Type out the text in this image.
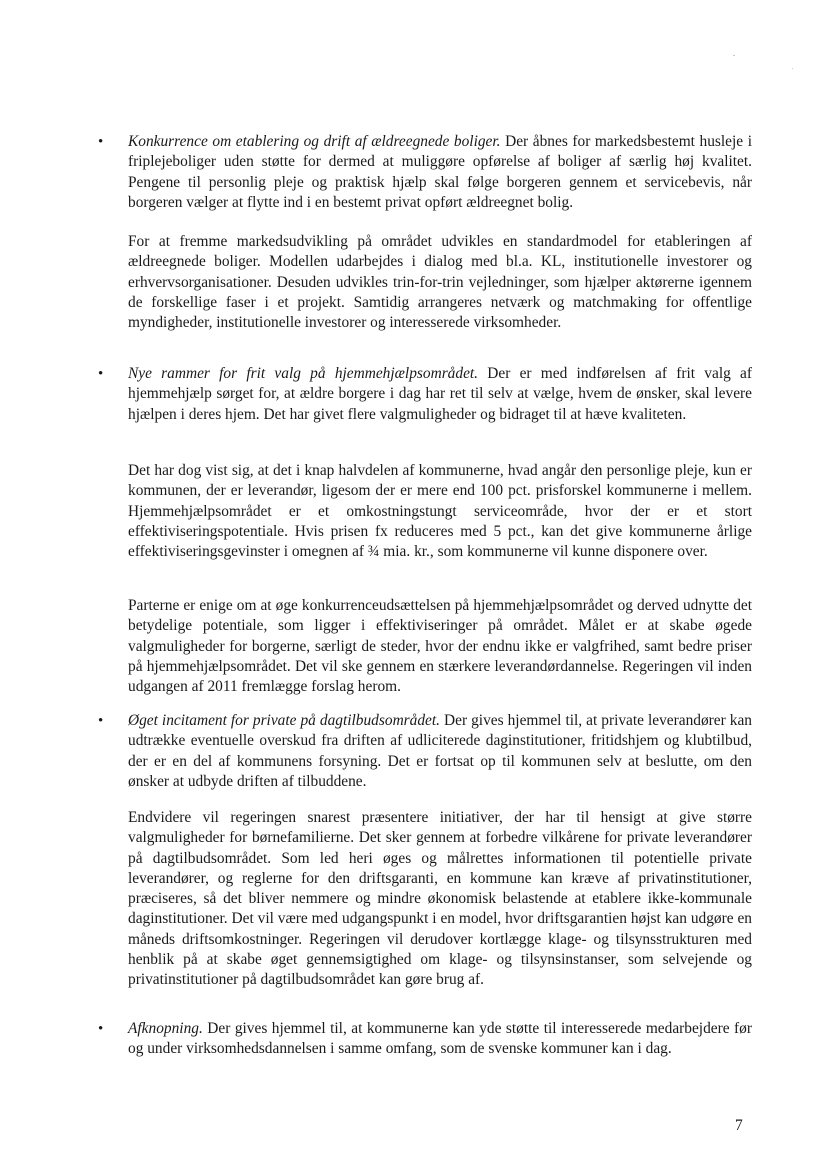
• Konkurrence om etablering og drift af ældreegnede boliger. Der åbnes for markedsbestemt husleje i friplejeboliger uden støtte for dermed at muliggøre opførelse af boliger af særlig høj kvalitet. Pengene til personlig pleje og praktisk hjælp skal følge borgeren gennem et servicebevis, når borgeren vælger at flytte ind i en bestemt privat opført ældreegnet bolig.

For at fremme markedsudvikling på området udvikles en standardmodel for etableringen af ældreegnede boliger. Modellen udarbejdes i dialog med bl.a. KL, institutionelle investorer og erhvervsorganisationer. Desuden udvikles trin-for-trin vejledninger, som hjælper aktørerne igennem de forskellige faser i et projekt. Samtidig arrangeres netværk og matchmaking for offentlige myndigheder, institutionelle investorer og interesserede virksomheder.

• Nye rammer for frit valg på hjemmehjælpsområdet. Der er med indførelsen af frit valg af hjemmehjælp sørget for, at ældre borgere i dag har ret til selv at vælge, hvem de ønsker, skal levere hjælpen i deres hjem. Det har givet flere valgmuligheder og bidraget til at hæve kvaliteten.

Det har dog vist sig, at det i knap halvdelen af kommunerne, hvad angår den personlige pleje, kun er kommunen, der er leverandør, ligesom der er mere end 100 pct. prisforskel kommunerne i mellem. Hjemmehjælpsområdet er et omkostningstungt serviceområde, hvor der er et stort effektiviseringspotentiale. Hvis prisen fx reduceres med 5 pct., kan det give kommunerne årlige effektiviseringsgevinster i omegnen af ¾ mia. kr., som kommunerne vil kunne disponere over.

Parterne er enige om at øge konkurrenceudsættelsen på hjemmehjælpsområdet og derved udnytte det betydelige potentiale, som ligger i effektiviseringer på området. Målet er at skabe øgede valgmuligheder for borgerne, særligt de steder, hvor der endnu ikke er valgfrihed, samt bedre priser på hjemmehjælpsområdet. Det vil ske gennem en stærkere leverandørdannelse. Regeringen vil inden udgangen af 2011 fremlægge forslag herom.

• Øget incitament for private på dagtilbudsområdet. Der gives hjemmel til, at private leverandører kan udtrække eventuelle overskud fra driften af udliciterede daginstitutioner, fritidshjem og klubtilbud, der er en del af kommunens forsyning. Det er fortsat op til kommunen selv at beslutte, om den ønsker at udbyde driften af tilbuddene.

Endvidere vil regeringen snarest præsentere initiativer, der har til hensigt at give større valgmuligheder for børnefamilierne. Det sker gennem at forbedre vilkårene for private leverandører på dagtilbudsområdet. Som led heri øges og målrettes informationen til potentielle private leverandører, og reglerne for den driftsgaranti, en kommune kan kræve af privatinstitutioner, præciseres, så det bliver nemmere og mindre økonomisk belastende at etablere ikke-kommunale daginstitutioner. Det vil være med udgangspunkt i en model, hvor driftsgarantien højst kan udgøre en måneds driftsomkostninger. Regeringen vil derudover kortlægge klage- og tilsynsstrukturen med henblik på at skabe øget gennemsigtighed om klage- og tilsynsinstanser, som selvejende og privatinstitutioner på dagtilbudsområdet kan gøre brug af.

• Afknopning. Der gives hjemmel til, at kommunerne kan yde støtte til interesserede medarbejdere før og under virksomhedsdannelsen i samme omfang, som de svenske kommuner kan i dag.

7
